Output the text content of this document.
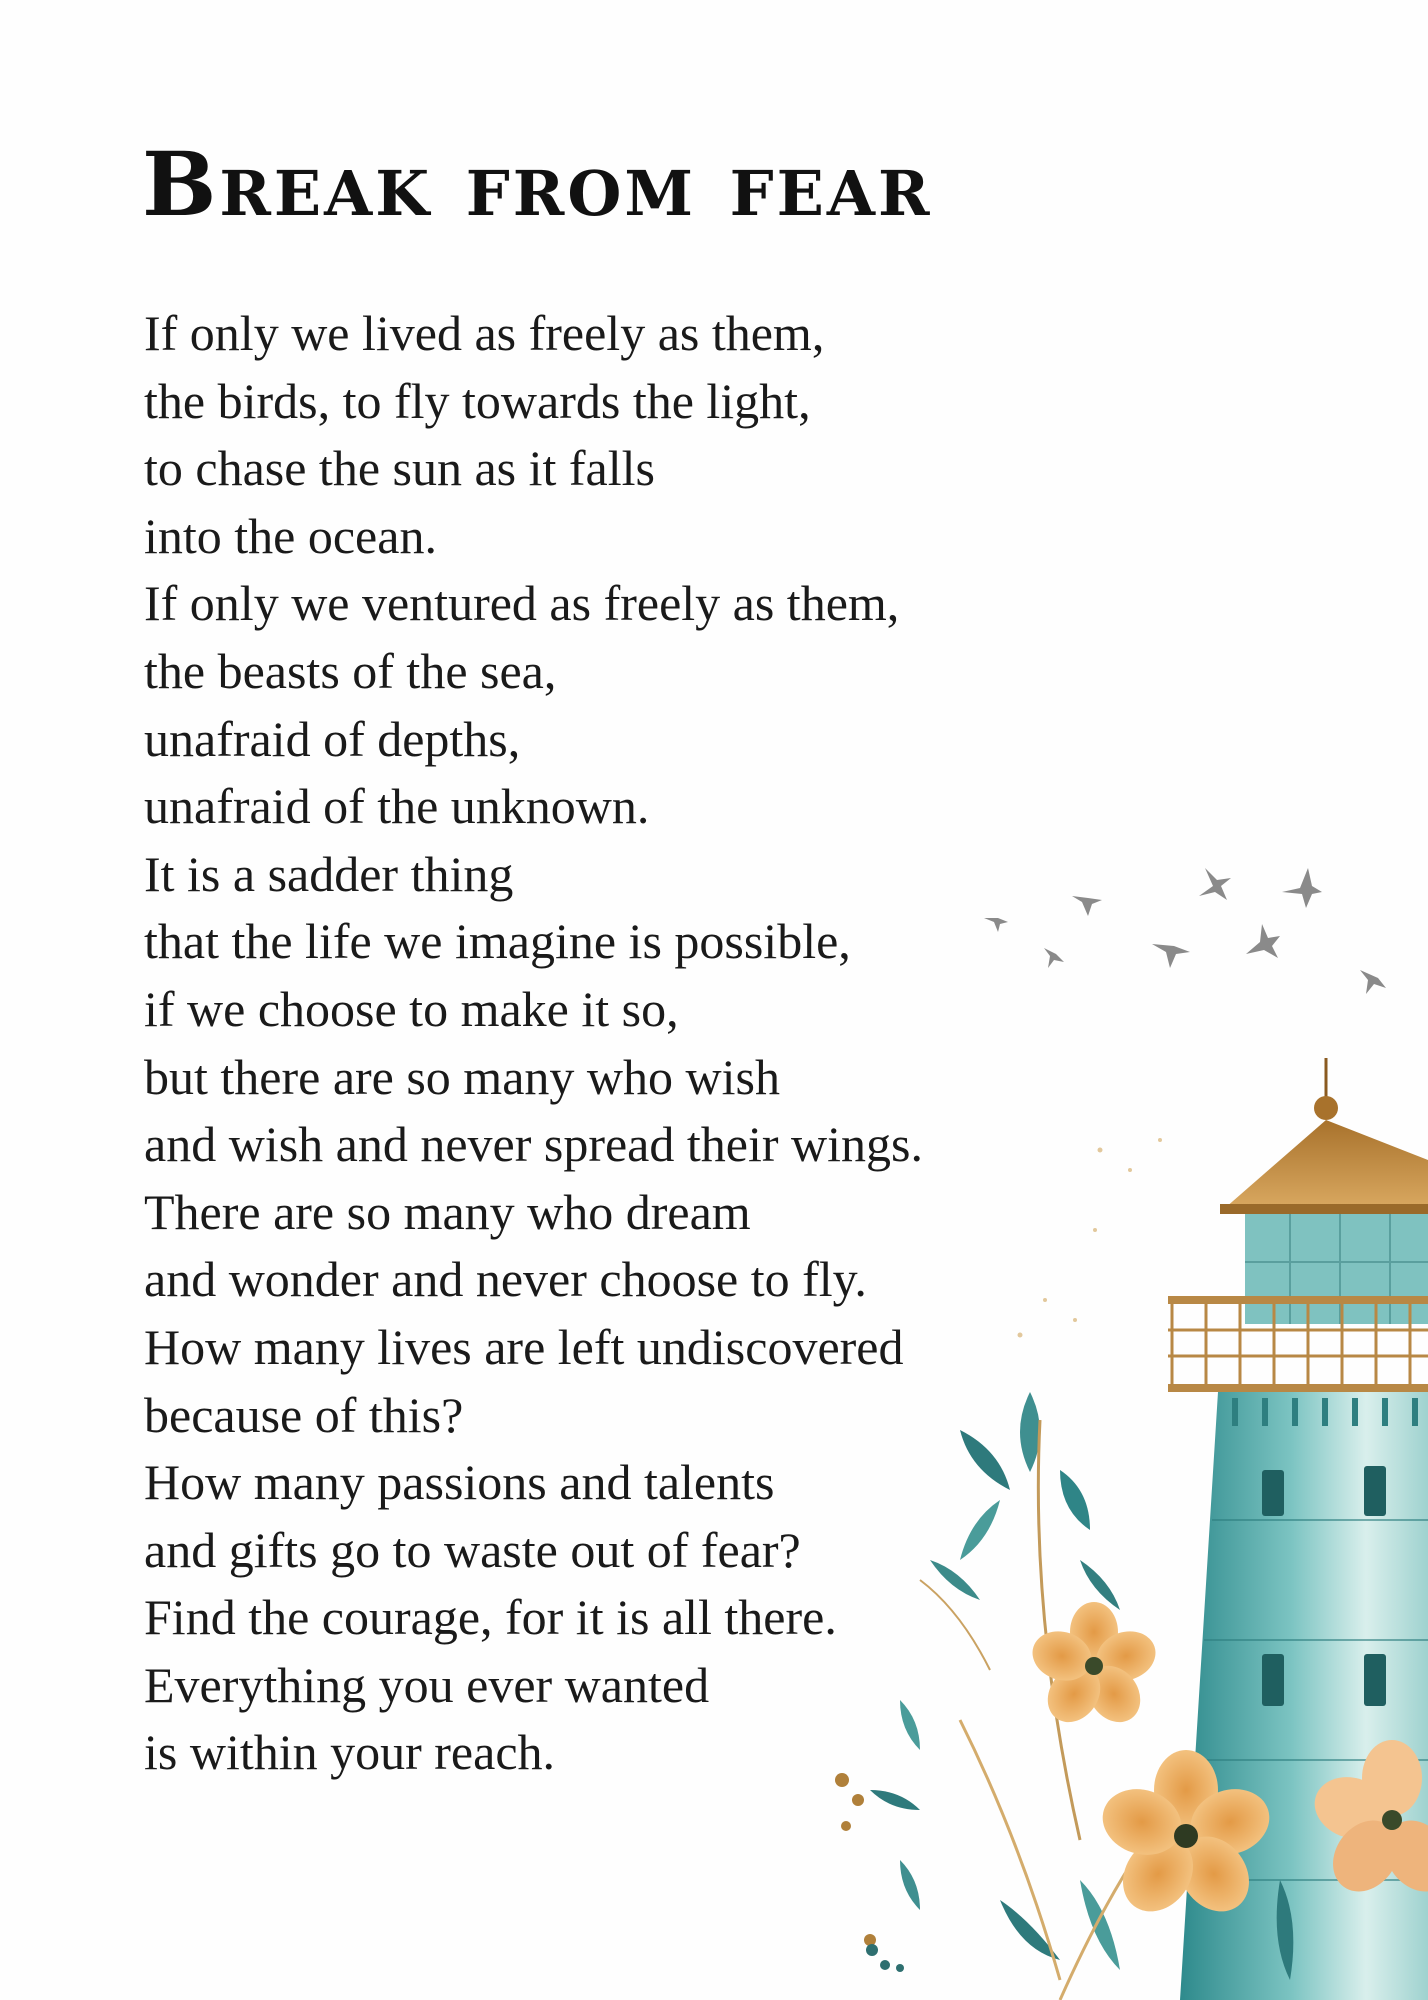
Break from fear
If only we lived as freely as them,
the birds, to fly towards the light,
to chase the sun as it falls
into the ocean.
If only we ventured as freely as them,
the beasts of the sea,
unafraid of depths,
unafraid of the unknown.
It is a sadder thing
that the life we imagine is possible,
if we choose to make it so,
but there are so many who wish
and wish and never spread their wings.
There are so many who dream
and wonder and never choose to fly.
How many lives are left undiscovered
because of this?
How many passions and talents
and gifts go to waste out of fear?
Find the courage, for it is all there.
Everything you ever wanted
is within your reach.
